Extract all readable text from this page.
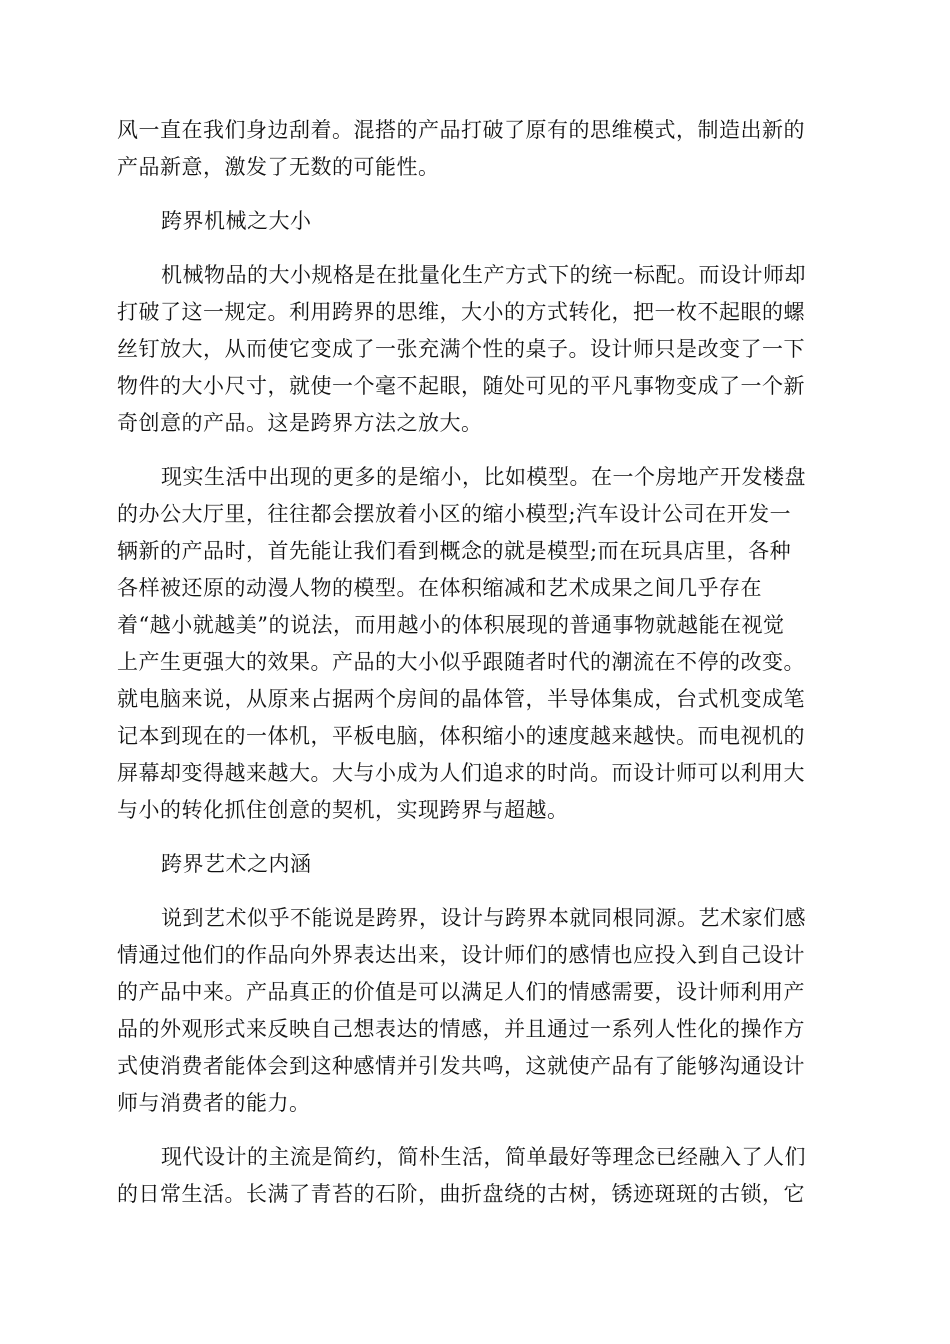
风一直在我们身边刮着。混搭的产品打破了原有的思维模式，制造出新的
产品新意，激发了无数的可能性。
跨界机械之大小
机械物品的大小规格是在批量化生产方式下的统一标配。而设计师却
打破了这一规定。利用跨界的思维，大小的方式转化，把一枚不起眼的螺
丝钉放大，从而使它变成了一张充满个性的桌子。设计师只是改变了一下
物件的大小尺寸，就使一个毫不起眼，随处可见的平凡事物变成了一个新
奇创意的产品。这是跨界方法之放大。
现实生活中出现的更多的是缩小，比如模型。在一个房地产开发楼盘
的办公大厅里，往往都会摆放着小区的缩小模型;汽车设计公司在开发一
辆新的产品时，首先能让我们看到概念的就是模型;而在玩具店里，各种
各样被还原的动漫人物的模型。在体积缩减和艺术成果之间几乎存在
着“越小就越美”的说法，而用越小的体积展现的普通事物就越能在视觉
上产生更强大的效果。产品的大小似乎跟随者时代的潮流在不停的改变。
就电脑来说，从原来占据两个房间的晶体管，半导体集成，台式机变成笔
记本到现在的一体机，平板电脑，体积缩小的速度越来越快。而电视机的
屏幕却变得越来越大。大与小成为人们追求的时尚。而设计师可以利用大
与小的转化抓住创意的契机，实现跨界与超越。
跨界艺术之内涵
说到艺术似乎不能说是跨界，设计与跨界本就同根同源。艺术家们感
情通过他们的作品向外界表达出来，设计师们的感情也应投入到自己设计
的产品中来。产品真正的价值是可以满足人们的情感需要，设计师利用产
品的外观形式来反映自己想表达的情感，并且通过一系列人性化的操作方
式使消费者能体会到这种感情并引发共鸣，这就使产品有了能够沟通设计
师与消费者的能力。
现代设计的主流是简约，简朴生活，简单最好等理念已经融入了人们
的日常生活。长满了青苔的石阶，曲折盘绕的古树，锈迹斑斑的古锁，它
